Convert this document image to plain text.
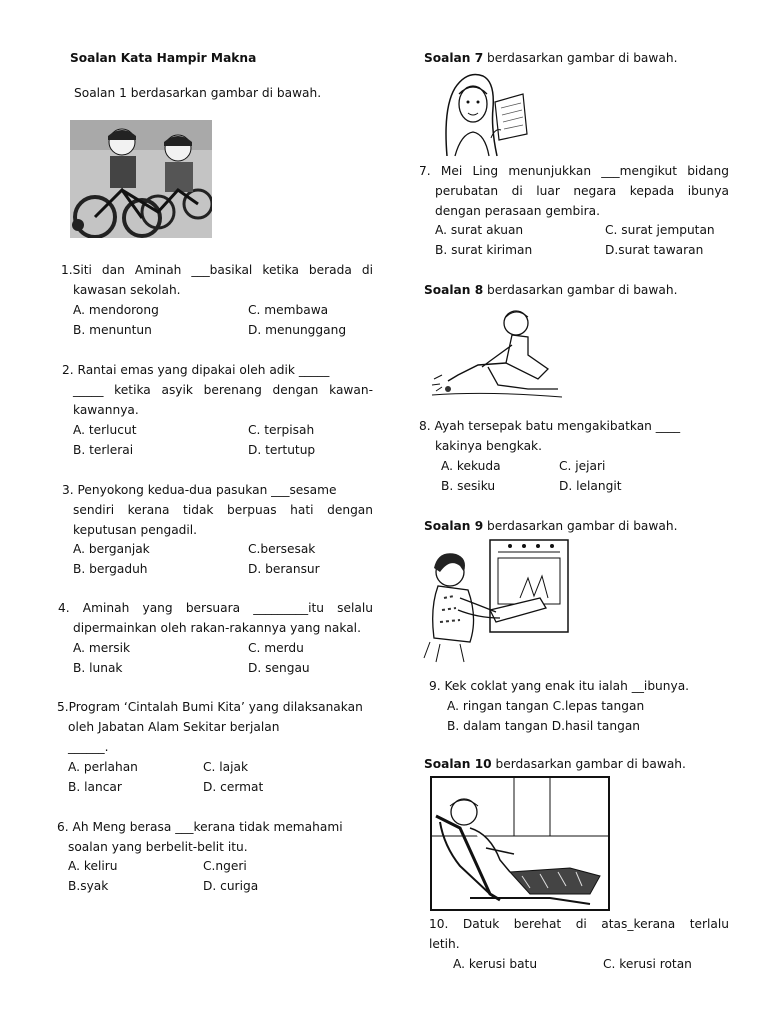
Soalan Kata Hampir Makna
Soalan 1 berdasarkan gambar di bawah.
1.Siti dan Aminah ___basikal ketika berada di
kawasan sekolah.
A. mendorong	C. membawa
B. menuntun	D. menunggang
2. Rantai emas yang dipakai oleh adik _____
_____ ketika asyik berenang dengan kawan-
kawannya.
A. terlucut	C. terpisah
B. terlerai	D. tertutup
3. Penyokong kedua-dua pasukan ___sesame
sendiri kerana tidak berpuas hati dengan
keputusan pengadil.
A. berganjak	C.bersesak
B. bergaduh	D. beransur
4. Aminah yang bersuara _________itu selalu
dipermainkan oleh rakan-rakannya yang nakal.
A. mersik	C. merdu
B. lunak	D. sengau
5.Program ‘Cintalah Bumi Kita’ yang dilaksanakan
oleh Jabatan Alam Sekitar berjalan
______.
A. perlahan	C. lajak
B. lancar	D. cermat
6. Ah Meng berasa ___kerana tidak memahami
soalan yang berbelit-belit itu.
A. keliru	C.ngeri
B.syak	D. curiga
Soalan 7 berdasarkan gambar di bawah.
7. Mei Ling menunjukkan ___mengikut bidang
perubatan di luar negara kepada ibunya
dengan perasaan gembira.
A. surat akuan	C. surat jemputan
B. surat kiriman	D.surat tawaran
Soalan 8 berdasarkan gambar di bawah.
8. Ayah tersepak batu mengakibatkan ____
kakinya bengkak.
A. kekuda	C. jejari
B. sesiku	D. lelangit
Soalan 9 berdasarkan gambar di bawah.
9. Kek coklat yang enak itu ialah __ibunya.
A. ringan tangan C.lepas tangan
B. dalam tangan D.hasil tangan
Soalan 10 berdasarkan gambar di bawah.
10. Datuk berehat di atas_kerana terlalu
letih.
A. kerusi batu	C. kerusi rotan
